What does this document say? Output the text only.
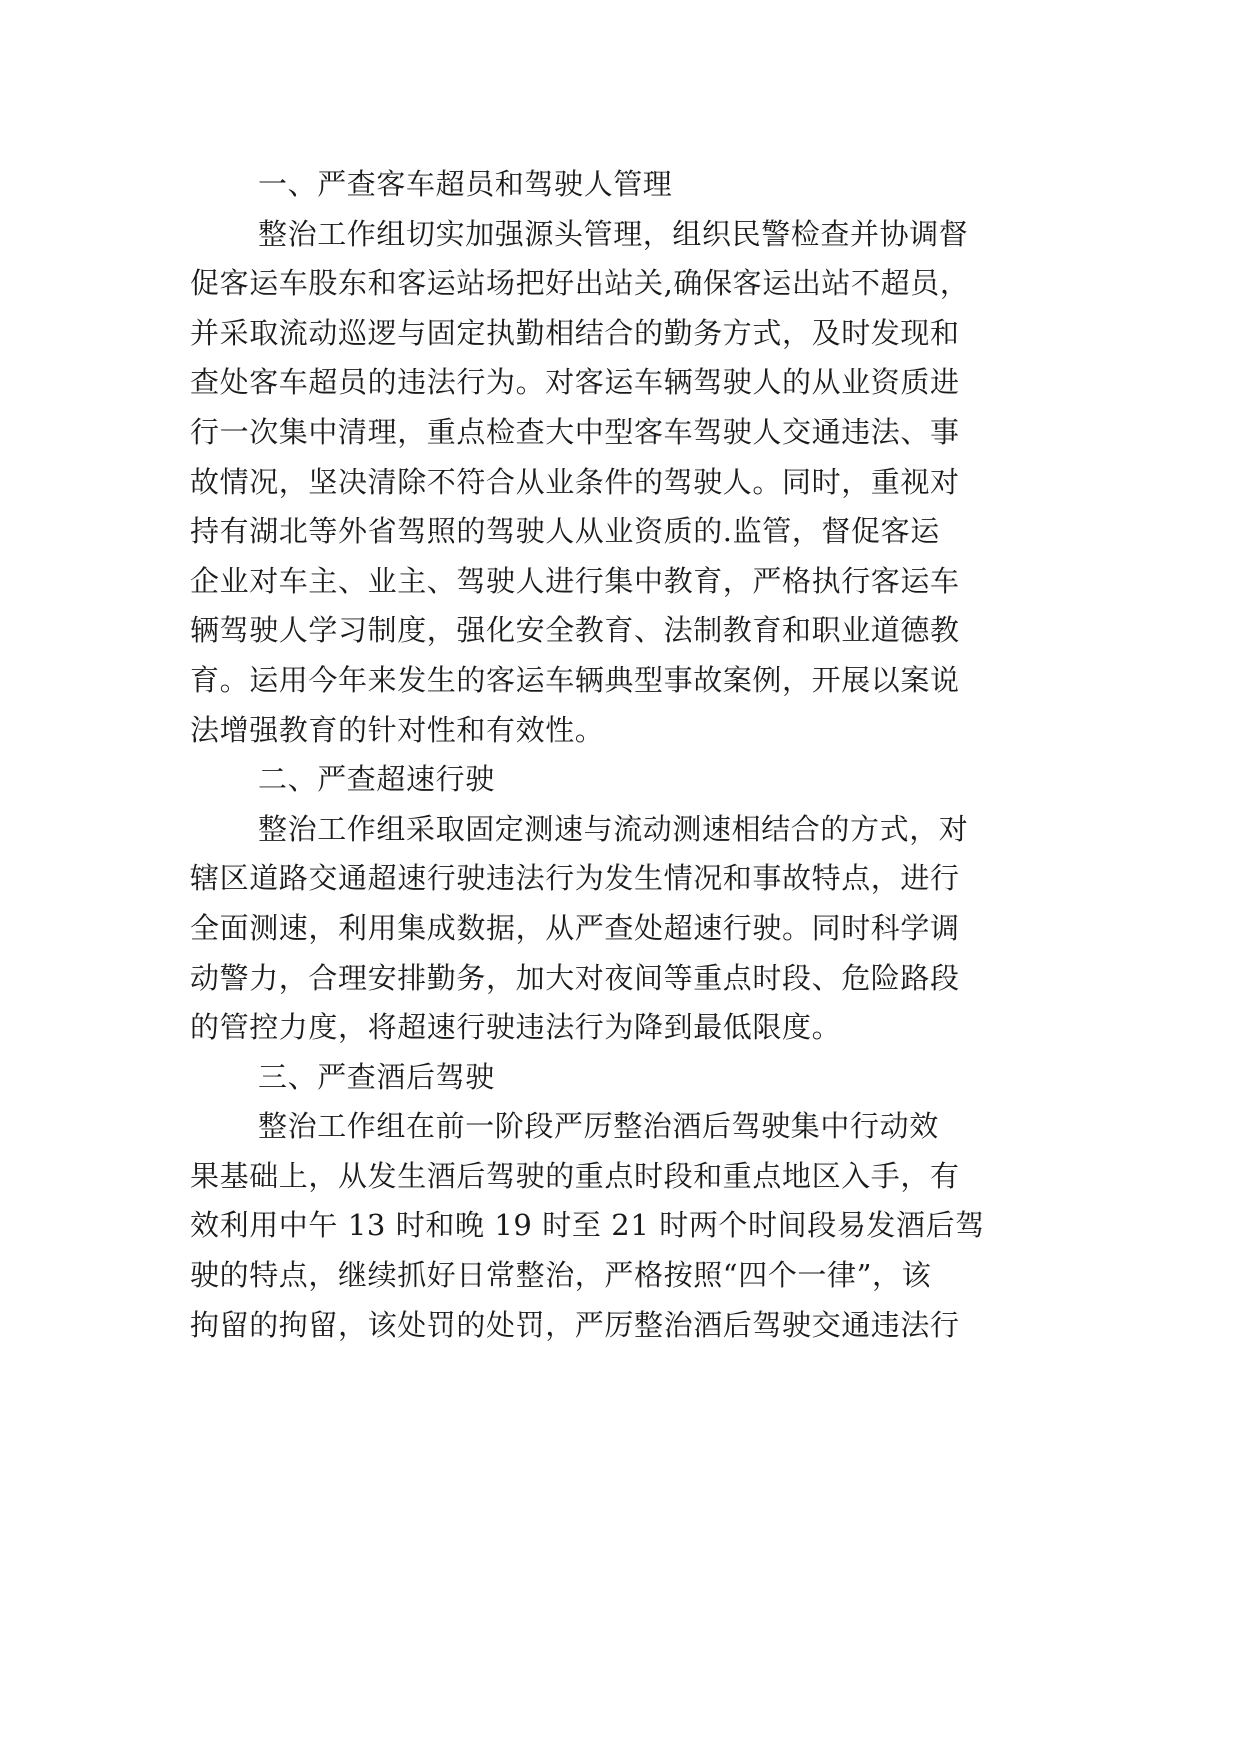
一、严查客车超员和驾驶人管理
整治工作组切实加强源头管理，组织民警检查并协调督
促客运车股东和客运站场把好出站关,确保客运出站不超员，
并采取流动巡逻与固定执勤相结合的勤务方式，及时发现和
查处客车超员的违法行为。对客运车辆驾驶人的从业资质进
行一次集中清理，重点检查大中型客车驾驶人交通违法、事
故情况，坚决清除不符合从业条件的驾驶人。同时，重视对
持有湖北等外省驾照的驾驶人从业资质的.监管，督促客运
企业对车主、业主、驾驶人进行集中教育，严格执行客运车
辆驾驶人学习制度，强化安全教育、法制教育和职业道德教
育。运用今年来发生的客运车辆典型事故案例，开展以案说
法增强教育的针对性和有效性。
二、严查超速行驶
整治工作组采取固定测速与流动测速相结合的方式，对
辖区道路交通超速行驶违法行为发生情况和事故特点，进行
全面测速，利用集成数据，从严查处超速行驶。同时科学调
动警力，合理安排勤务，加大对夜间等重点时段、危险路段
的管控力度，将超速行驶违法行为降到最低限度。
三、严查酒后驾驶
整治工作组在前一阶段严厉整治酒后驾驶集中行动效
果基础上，从发生酒后驾驶的重点时段和重点地区入手，有
效利用中午 13 时和晚 19 时至 21 时两个时间段易发酒后驾
驶的特点，继续抓好日常整治，严格按照“四个一律”，该
拘留的拘留，该处罚的处罚，严厉整治酒后驾驶交通违法行
